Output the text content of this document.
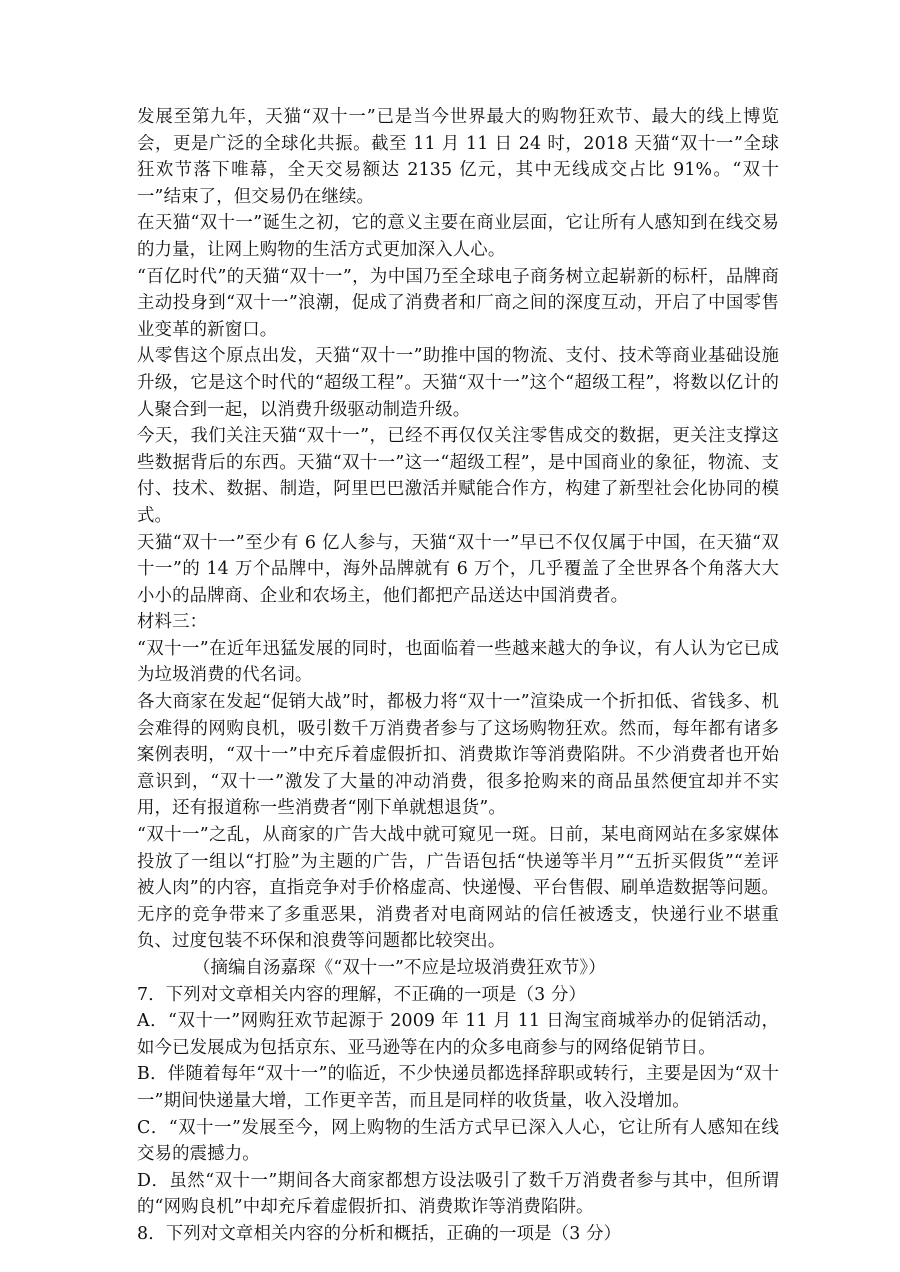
发展至第九年，天猫“双十一”已是当今世界最大的购物狂欢节、最大的线上博览会，更是广泛的全球化共振。截至 11 月 11 日 24 时，2018 天猫“双十一”全球狂欢节落下唯幕，全天交易额达 2135 亿元，其中无线成交占比 91%。“双十一”结束了，但交易仍在继续。

在天猫“双十一”诞生之初，它的意义主要在商业层面，它让所有人感知到在线交易的力量，让网上购物的生活方式更加深入人心。

“百亿时代”的天猫“双十一”，为中国乃至全球电子商务树立起崭新的标杆，品牌商主动投身到“双十一”浪潮，促成了消费者和厂商之间的深度互动，开启了中国零售业变革的新窗口。

从零售这个原点出发，天猫“双十一”助推中国的物流、支付、技术等商业基础设施升级，它是这个时代的“超级工程”。天猫“双十一”这个“超级工程”，将数以亿计的人聚合到一起，以消费升级驱动制造升级。

今天，我们关注天猫“双十一”，已经不再仅仅关注零售成交的数据，更关注支撑这些数据背后的东西。天猫“双十一”这一“超级工程”，是中国商业的象征，物流、支付、技术、数据、制造，阿里巴巴激活并赋能合作方，构建了新型社会化协同的模式。

天猫“双十一”至少有 6 亿人参与，天猫“双十一”早已不仅仅属于中国，在天猫“双十一”的 14 万个品牌中，海外品牌就有 6 万个，几乎覆盖了全世界各个角落大大小小的品牌商、企业和农场主，他们都把产品送达中国消费者。

材料三：

“双十一”在近年迅猛发展的同时，也面临着一些越来越大的争议，有人认为它已成为垃圾消费的代名词。

各大商家在发起“促销大战”时，都极力将“双十一”渲染成一个折扣低、省钱多、机会难得的网购良机，吸引数千万消费者参与了这场购物狂欢。然而，每年都有诸多案例表明，“双十一”中充斥着虚假折扣、消费欺诈等消费陷阱。不少消费者也开始意识到，“双十一”激发了大量的冲动消费，很多抢购来的商品虽然便宜却并不实用，还有报道称一些消费者“刚下单就想退货”。

“双十一”之乱，从商家的广告大战中就可窥见一斑。日前，某电商网站在多家媒体投放了一组以“打脸”为主题的广告，广告语包括“快递等半月”“五折买假货”“差评被人肉”的内容，直指竞争对手价格虚高、快递慢、平台售假、刷单造数据等问题。无序的竞争带来了多重恶果，消费者对电商网站的信任被透支，快递行业不堪重负、过度包装不环保和浪费等问题都比较突出。

（摘编自汤嘉琛《“双十一”不应是垃圾消费狂欢节》）

7．下列对文章相关内容的理解，不正确的一项是（3 分）

A．“双十一”网购狂欢节起源于 2009 年 11 月 11 日淘宝商城举办的促销活动，如今已发展成为包括京东、亚马逊等在内的众多电商参与的网络促销节日。

B．伴随着每年“双十一”的临近，不少快递员都选择辞职或转行，主要是因为“双十一”期间快递量大增，工作更辛苦，而且是同样的收货量，收入没增加。

C．“双十一”发展至今，网上购物的生活方式早已深入人心，它让所有人感知在线交易的震撼力。

D．虽然“双十一”期间各大商家都想方设法吸引了数千万消费者参与其中，但所谓的“网购良机”中却充斥着虚假折扣、消费欺诈等消费陷阱。

8．下列对文章相关内容的分析和概括，正确的一项是（3 分）
